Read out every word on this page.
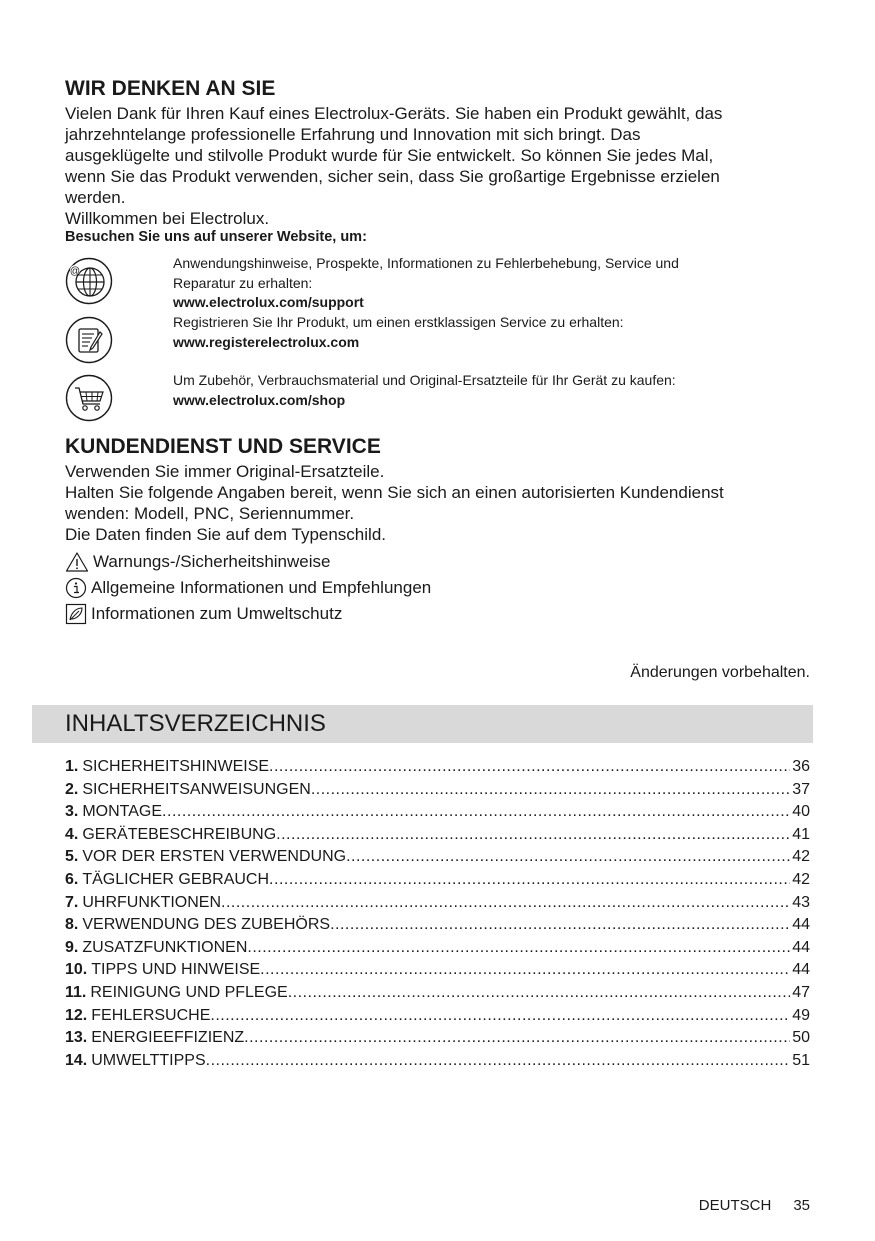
WIR DENKEN AN SIE

Vielen Dank für Ihren Kauf eines Electrolux-Geräts. Sie haben ein Produkt gewählt, das
jahrzehntelange professionelle Erfahrung und Innovation mit sich bringt. Das
ausgeklügelte und stilvolle Produkt wurde für Sie entwickelt. So können Sie jedes Mal,
wenn Sie das Produkt verwenden, sicher sein, dass Sie großartige Ergebnisse erzielen
werden.
Willkommen bei Electrolux.

Besuchen Sie uns auf unserer Website, um:

@
Anwendungshinweise, Prospekte, Informationen zu Fehlerbehebung, Service und
Reparatur zu erhalten:
www.electrolux.com/support
Registrieren Sie Ihr Produkt, um einen erstklassigen Service zu erhalten:
www.registerelectrolux.com
Um Zubehör, Verbrauchsmaterial und Original-Ersatzteile für Ihr Gerät zu kaufen:
www.electrolux.com/shop
KUNDENDIENST UND SERVICE

Verwenden Sie immer Original-Ersatzteile.
Halten Sie folgende Angaben bereit, wenn Sie sich an einen autorisierten Kundendienst
wenden: Modell, PNC, Seriennummer.
Die Daten finden Sie auf dem Typenschild.

Warnungs-/Sicherheitshinweise
Allgemeine Informationen und Empfehlungen
Informationen zum Umweltschutz
Änderungen vorbehalten.
1. SICHERHEITSHINWEISE .....	36
2. SICHERHEITSANWEISUNGEN .....	37
3. MONTAGE .....	40
4. GERÄTEBESCHREIBUNG .....	41
5. VOR DER ERSTEN VERWENDUNG .....	42
6. TÄGLICHER GEBRAUCH .....	42
7. UHRFUNKTIONEN .....	43
8. VERWENDUNG DES ZUBEHÖRS .....	44
9. ZUSATZFUNKTIONEN .....	44
10. TIPPS UND HINWEISE .....	44
11. REINIGUNG UND PFLEGE .....	47
12. FEHLERSUCHE .....	49
13. ENERGIEEFFIZIENZ .....	50
14. UMWELTTIPPS .....	51
INHALTSVERZEICHNIS
DEUTSCH 35
